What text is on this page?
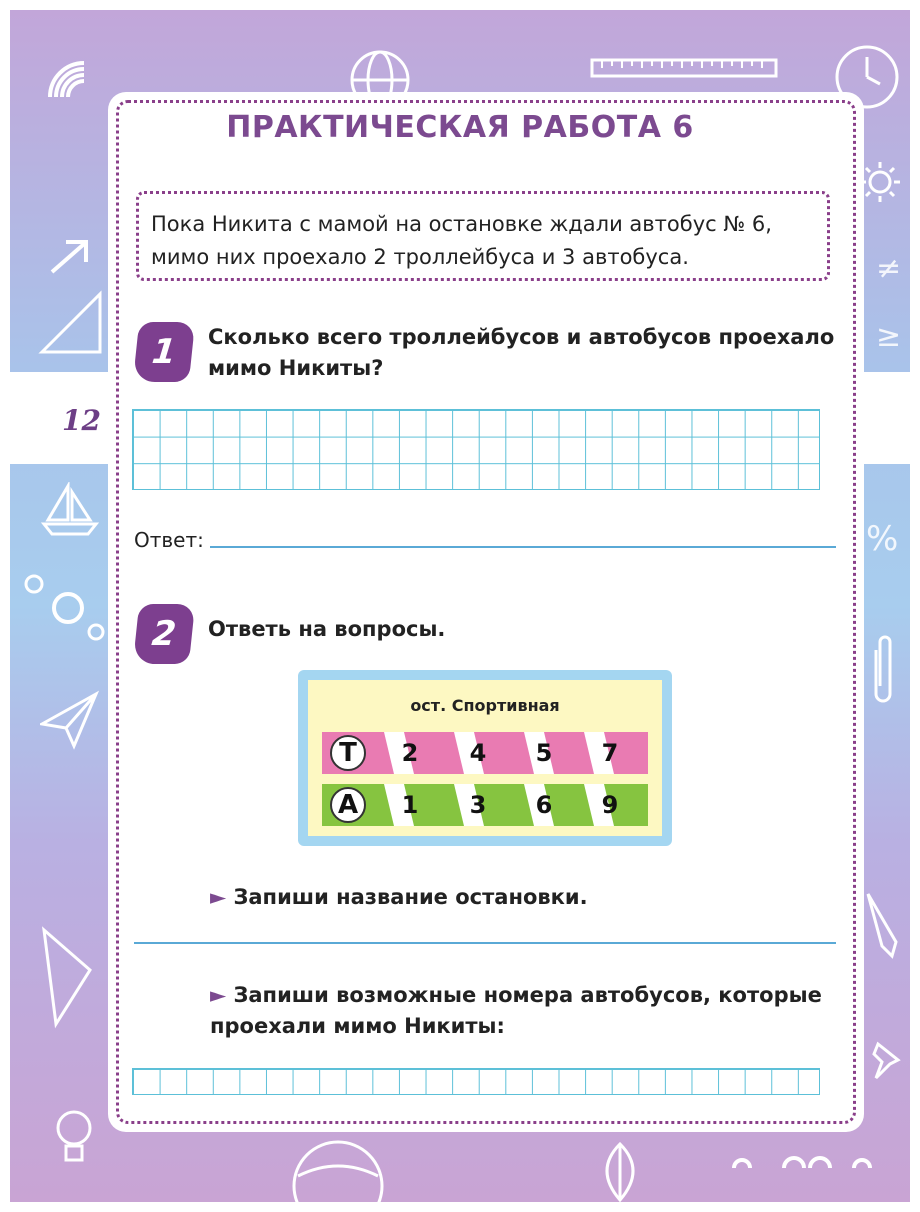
≠
≥
%
12
ПРАКТИЧЕСКАЯ РАБОТА 6
Пока Никита с мамой на остановке ждали автобус № 6,
мимо них проехало 2 троллейбуса и 3 автобуса.
1	Сколько всего троллейбусов и автобусов проехало
мимо Никиты?
Ответ:
2	Ответь на вопросы.
ост. Спортивная
Т	2	4	5	7
А	1	3	6	9
► Запиши название остановки.
► Запиши возможные номера автобусов, которые
проехали мимо Никиты:
